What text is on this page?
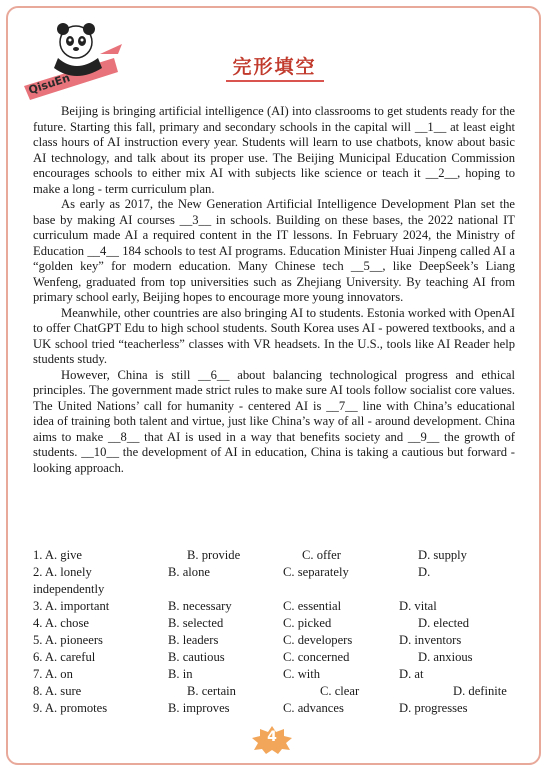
QisuEn
完形填空

Beijing is bringing artificial intelligence (AI) into classrooms to get students ready for the future. Starting this fall, primary and secondary schools in the capital will __1__ at least eight class hours of AI instruction every year. Students will learn to use chatbots, know about basic AI technology, and talk about its proper use. The Beijing Municipal Education Commission encourages schools to either mix AI with subjects like science or teach it __2__, hoping to make a long - term curriculum plan.

As early as 2017, the New Generation Artificial Intelligence Development Plan set the base by making AI courses __3__ in schools. Building on these bases, the 2022 national IT curriculum made AI a required content in the IT lessons. In February 2024, the Ministry of Education __4__ 184 schools to test AI programs. Education Minister Huai Jinpeng called AI a “golden key” for modern education. Many Chinese tech __5__, like DeepSeek’s Liang Wenfeng, graduated from top universities such as Zhejiang University. By teaching AI from primary school early, Beijing hopes to encourage more young innovators.

Meanwhile, other countries are also bringing AI to students. Estonia worked with OpenAI to offer ChatGPT Edu to high school students. South Korea uses AI - powered textbooks, and a UK school tried “teacherless” classes with VR headsets. In the U.S., tools like AI Reader help students study.

However, China is still __6__ about balancing technological progress and ethical principles. The government made strict rules to make sure AI tools follow socialist core values. The United Nations’ call for humanity - centered AI is __7__ line with China’s educational idea of training both talent and virtue, just like China’s way of all - around development. China aims to make __8__ that AI is used in a way that benefits society and __9__ the growth of students. __10__ the development of AI in education, China is taking a cautious but forward - looking approach.

1. A. give	B. provide	C. offer	D. supply
2. A. lonely	B. alone	C. separately	D.
independently
3. A. important	B. necessary	C. essential	D. vital
4. A. chose	B. selected	C. picked	D. elected
5. A. pioneers	B. leaders	C. developers	D. inventors
6. A. careful	B. cautious	C. concerned	D. anxious
7. A. on	B. in	C. with	D. at
8. A. sure	B. certain	C. clear	D. definite
9. A. promotes	B. improves	C. advances	D. progresses
4
